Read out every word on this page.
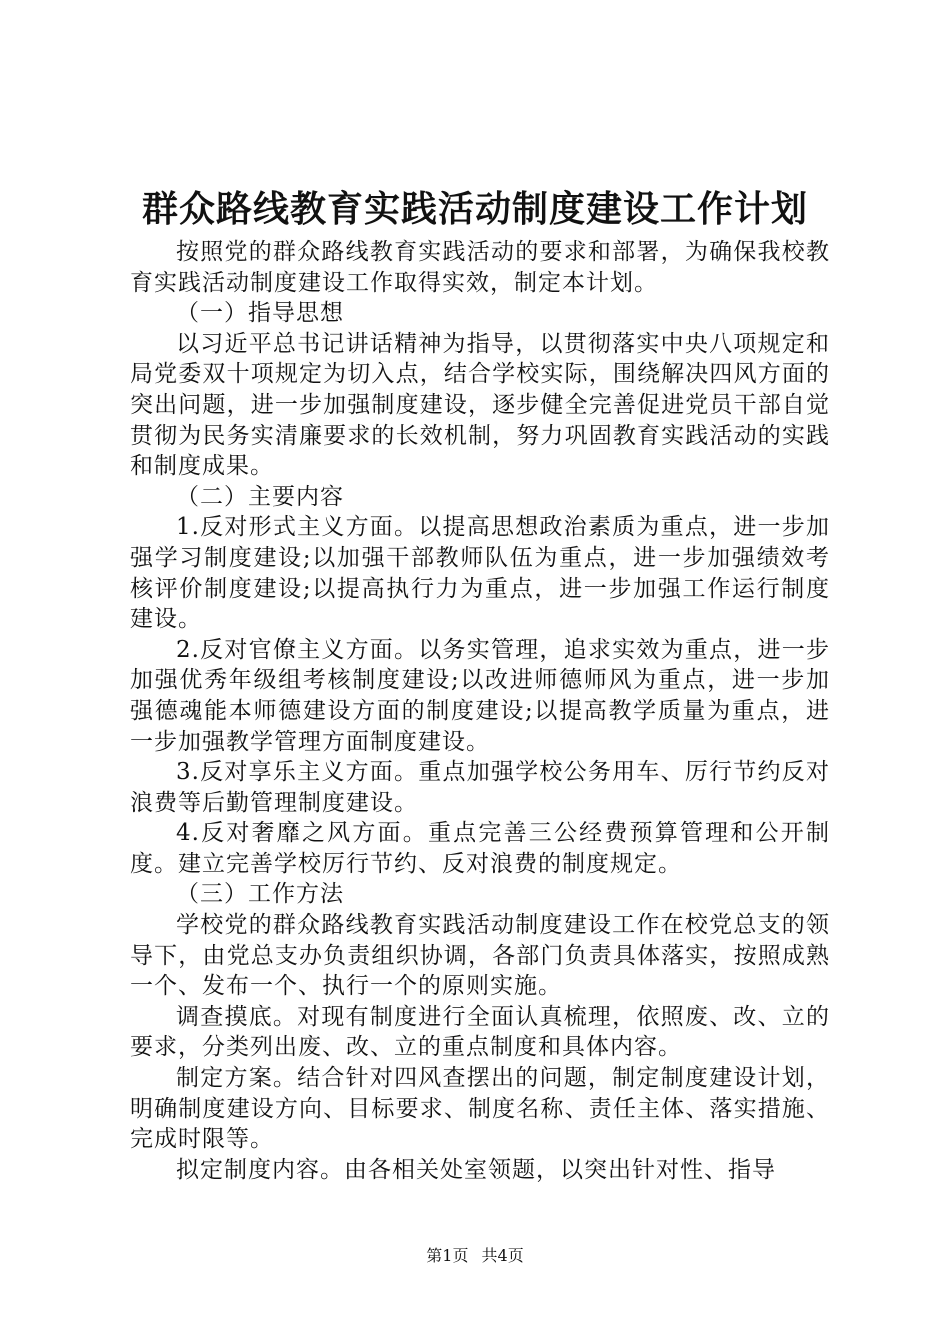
群众路线教育实践活动制度建设工作计划

按照党的群众路线教育实践活动的要求和部署，为确保我校教育实践活动制度建设工作取得实效，制定本计划。

（一）指导思想

以习近平总书记讲话精神为指导，以贯彻落实中央八项规定和局党委双十项规定为切入点，结合学校实际，围绕解决四风方面的突出问题，进一步加强制度建设，逐步健全完善促进党员干部自觉贯彻为民务实清廉要求的长效机制，努力巩固教育实践活动的实践和制度成果。

（二）主要内容

1.反对形式主义方面。以提高思想政治素质为重点，进一步加强学习制度建设;以加强干部教师队伍为重点，进一步加强绩效考核评价制度建设;以提高执行力为重点，进一步加强工作运行制度建设。

2.反对官僚主义方面。以务实管理，追求实效为重点，进一步加强优秀年级组考核制度建设;以改进师德师风为重点，进一步加强德魂能本师德建设方面的制度建设;以提高教学质量为重点，进一步加强教学管理方面制度建设。

3.反对享乐主义方面。重点加强学校公务用车、厉行节约反对浪费等后勤管理制度建设。

4.反对奢靡之风方面。重点完善三公经费预算管理和公开制度。建立完善学校厉行节约、反对浪费的制度规定。

（三）工作方法

学校党的群众路线教育实践活动制度建设工作在校党总支的领导下，由党总支办负责组织协调，各部门负责具体落实，按照成熟一个、发布一个、执行一个的原则实施。

调查摸底。对现有制度进行全面认真梳理，依照废、改、立的要求，分类列出废、改、立的重点制度和具体内容。

制定方案。结合针对四风查摆出的问题，制定制度建设计划，明确制度建设方向、目标要求、制度名称、责任主体、落实措施、完成时限等。

拟定制度内容。由各相关处室领题，以突出针对性、指导

第1页 共4页
